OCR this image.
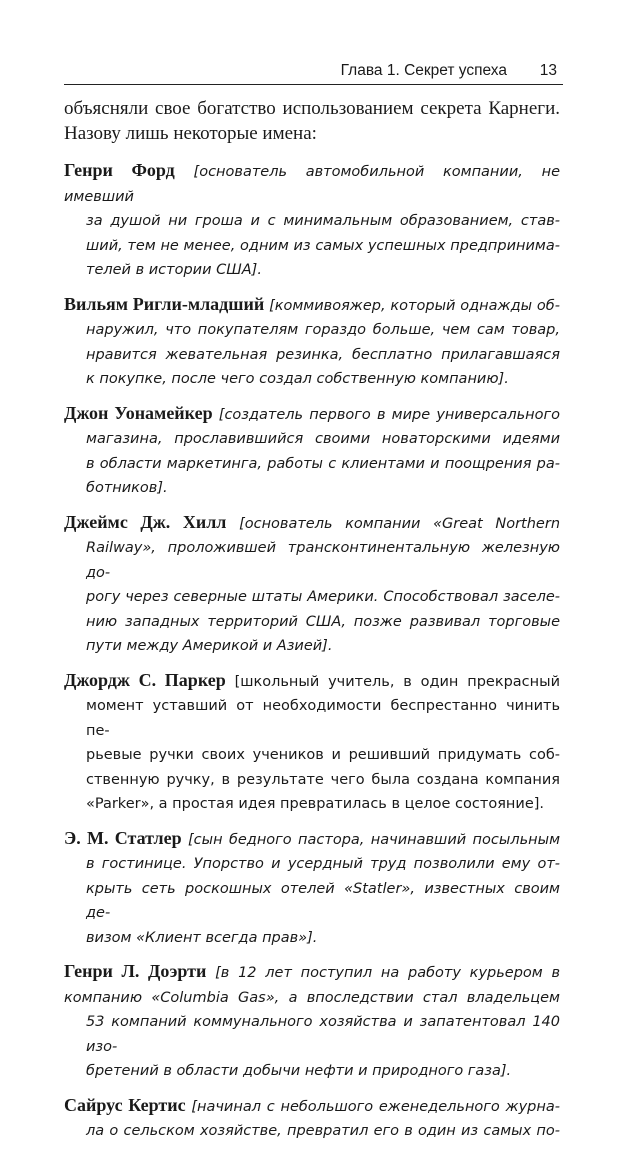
Глава 1. Секрет успеха 13

объясняли свое богатство использованием секрета Карнеги. Назову лишь некоторые имена:

Генри Форд [основатель автомобильной компании, не имевший
за душой ни гроша и с минимальным образованием, став-
ший, тем не менее, одним из самых успешных предпринима-
телей в истории США].
Вильям Ригли-младший [коммивояжер, который однажды об-
наружил, что покупателям гораздо больше, чем сам товар,
нравится жевательная резинка, бесплатно прилагавшаяся
к покупке, после чего создал собственную компанию].
Джон Уонамейкер [создатель первого в мире универсального
магазина, прославившийся своими новаторскими идеями
в области маркетинга, работы с клиентами и поощрения ра-
ботников].
Джеймс Дж. Хилл [основатель компании «Great Northern
Railway», проложившей трансконтинентальную железную до-
рогу через северные штаты Америки. Способствовал заселе-
нию западных территорий США, позже развивал торговые
пути между Америкой и Азией].
Джордж С. Паркер [школьный учитель, в один прекрасный
момент уставший от необходимости беспрестанно чинить пе-
рьевые ручки своих учеников и решивший придумать соб-
ственную ручку, в результате чего была создана компания
«Parker», а простая идея превратилась в целое состояние].
Э. М. Статлер [сын бедного пастора, начинавший посыльным
в гостинице. Упорство и усердный труд позволили ему от-
крыть сеть роскошных отелей «Statler», известных своим де-
визом «Клиент всегда прав»].
Генри Л. Доэрти [в 12 лет поступил на работу курьером в компанию «Columbia Gas», а впоследствии стал владельцем
53 компаний коммунального хозяйства и запатентовал 140 изо-
бретений в области добычи нефти и природного газа].
Сайрус Кертис [начинал с небольшого еженедельного журна-
ла о сельском хозяйстве, превратил его в один из самых по-
